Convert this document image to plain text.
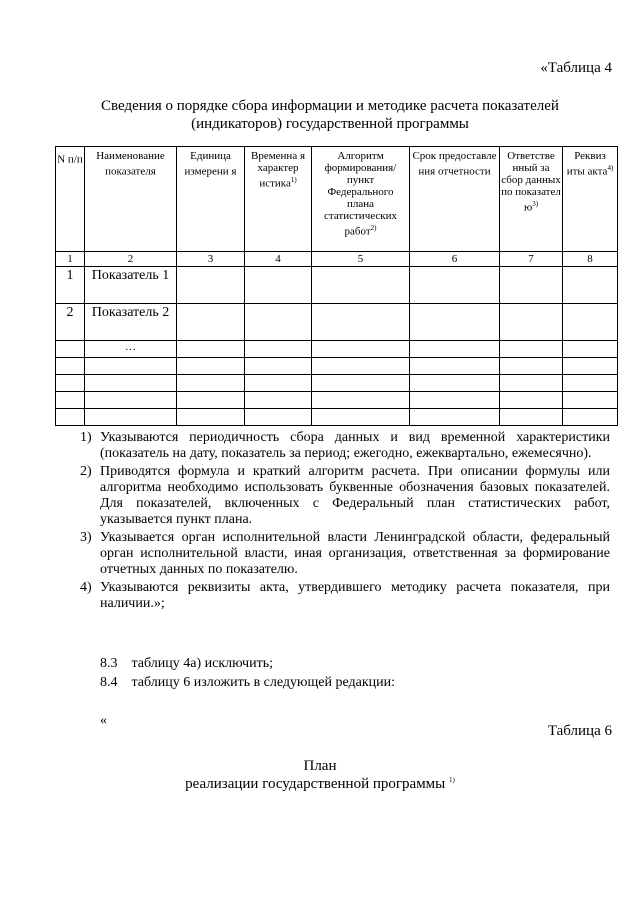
«Таблица 4
Сведения о порядке сбора информации и методике расчета показателей
(индикаторов) государственной программы
N п/п	Наименование показателя	Единица измерени я	Временна я характер истика$^{1)}$	Алгоритм формирования/ пункт Федерального плана статистических работ$^{2)}$	Срок предоставле ния отчетности	Ответстве нный за сбор данных по показател $ю^{3)}$	Реквиз иты акта$^{4)}$
1	2	3	4	5	6	7	8
1	Показатель 1						
2	Показатель 2						
	…						

1) Указываются периодичность сбора данных и вид временной характеристики (показатель на дату, показатель за период; ежегодно, ежеквартально, ежемесячно).
2) Приводятся формула и краткий алгоритм расчета. При описании формулы или алгоритма необходимо использовать буквенные обозначения базовых показателей. Для показателей, включенных с Федеральный план статистических работ, указывается пункт плана.
3) Указывается орган исполнительной власти Ленинградской области, федеральный орган исполнительной власти, иная организация, ответственная за формирование отчетных данных по показателю.
4) Указываются реквизиты акта, утвердившего методику расчета показателя, при наличии.»;
8.3 таблицу 4а) исключить;
8.4 таблицу 6 изложить в следующей редакции:
«
Таблица 6
План
реализации государственной программы $^{1)}$
